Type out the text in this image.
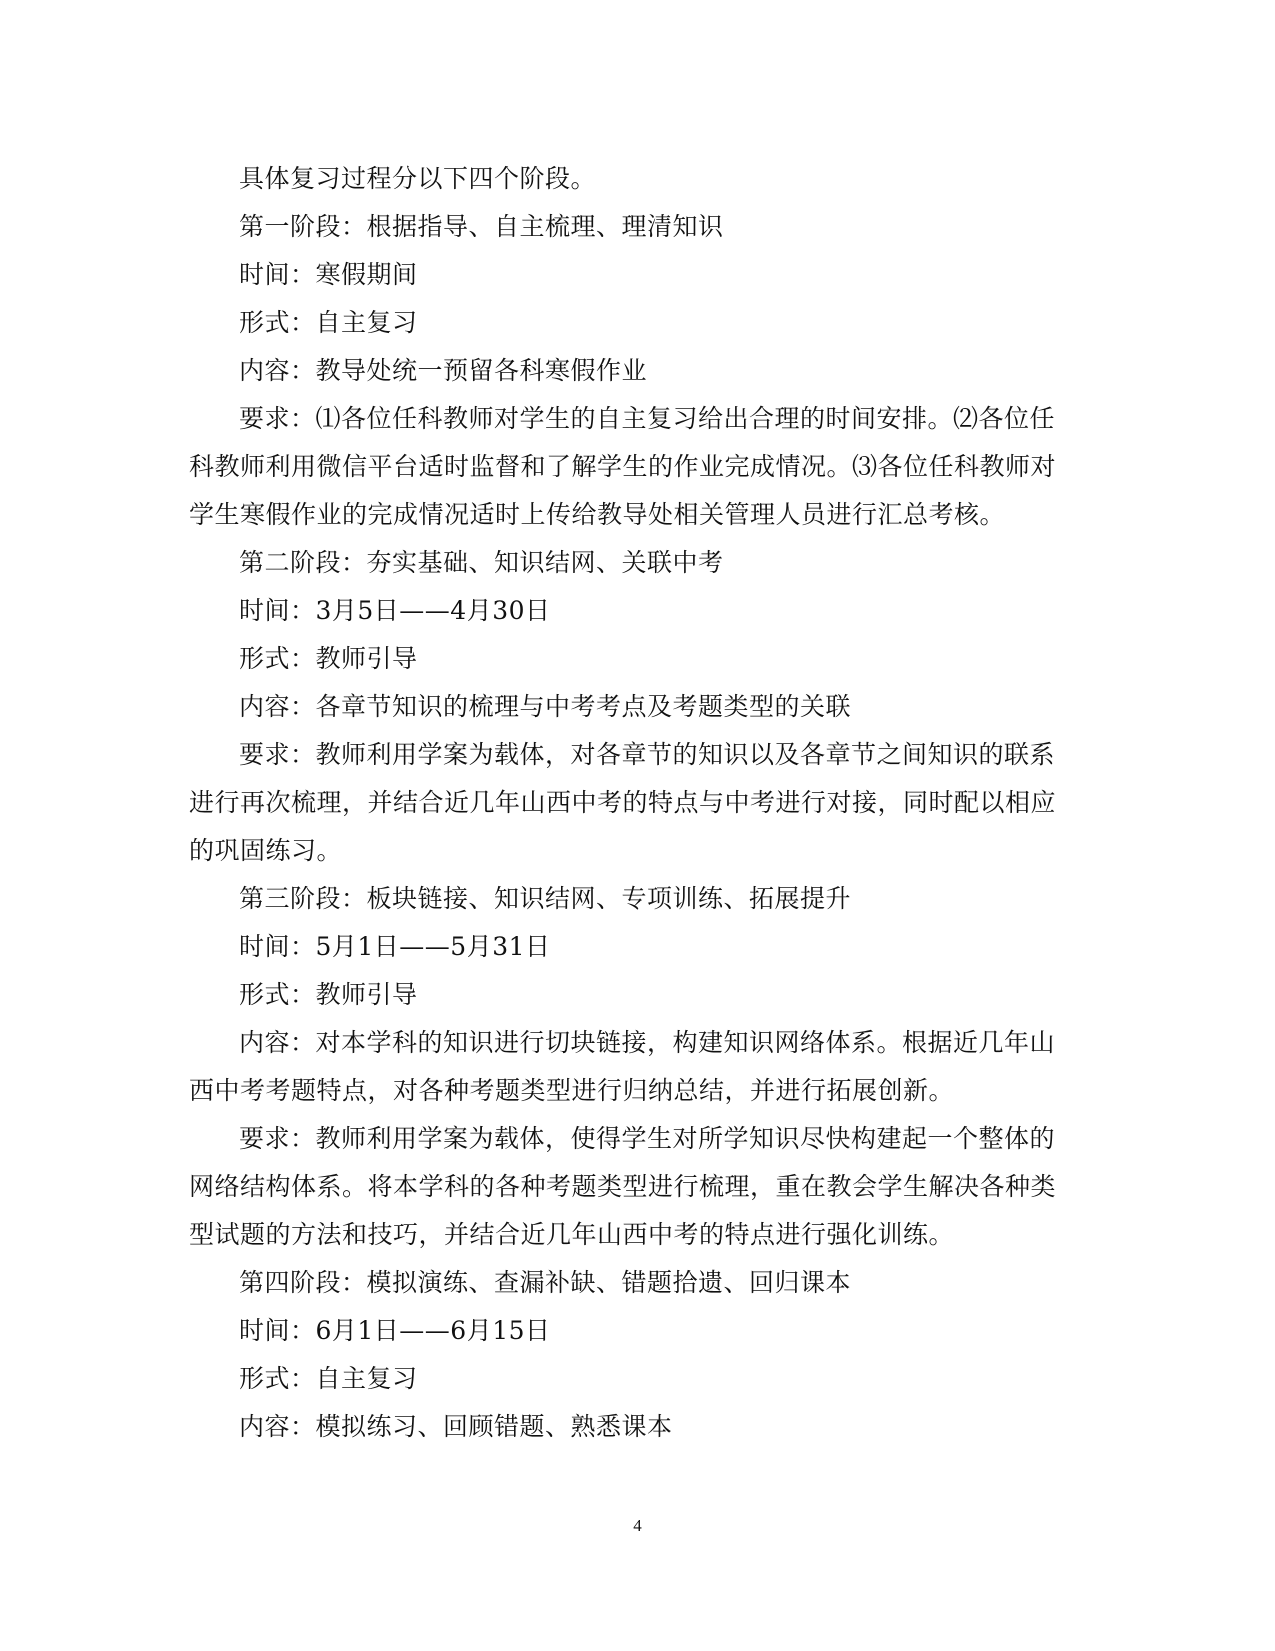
具体复习过程分以下四个阶段。

第一阶段：根据指导、自主梳理、理清知识

时间：寒假期间

形式：自主复习

内容：教导处统一预留各科寒假作业

要求：⑴各位任科教师对学生的自主复习给出合理的时间安排。⑵各位任科教师利用微信平台适时监督和了解学生的作业完成情况。⑶各位任科教师对学生寒假作业的完成情况适时上传给教导处相关管理人员进行汇总考核。

第二阶段：夯实基础、知识结网、关联中考

时间：3月5日——4月30日

形式：教师引导

内容：各章节知识的梳理与中考考点及考题类型的关联

要求：教师利用学案为载体，对各章节的知识以及各章节之间知识的联系进行再次梳理，并结合近几年山西中考的特点与中考进行对接，同时配以相应的巩固练习。

第三阶段：板块链接、知识结网、专项训练、拓展提升

时间：5月1日——5月31日

形式：教师引导

内容：对本学科的知识进行切块链接，构建知识网络体系。根据近几年山西中考考题特点，对各种考题类型进行归纳总结，并进行拓展创新。

要求：教师利用学案为载体，使得学生对所学知识尽快构建起一个整体的网络结构体系。将本学科的各种考题类型进行梳理，重在教会学生解决各种类型试题的方法和技巧，并结合近几年山西中考的特点进行强化训练。

第四阶段：模拟演练、查漏补缺、错题拾遗、回归课本

时间：6月1日——6月15日

形式：自主复习

内容：模拟练习、回顾错题、熟悉课本

4
